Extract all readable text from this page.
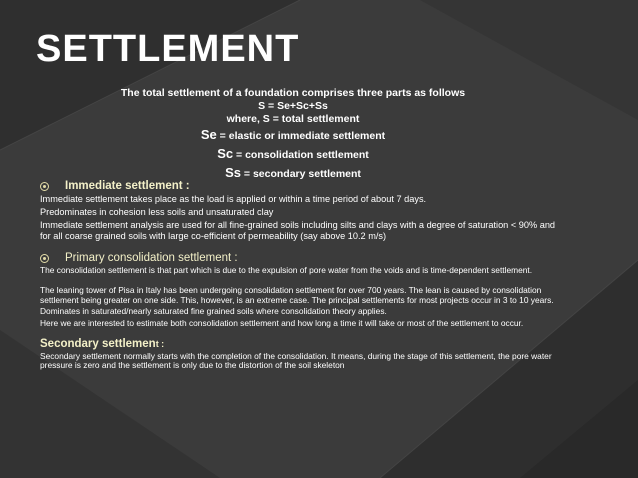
SETTLEMENT
The total settlement of a foundation comprises three parts as follows
S = Se+Sc+Ss
where, S = total settlement
Se = elastic or immediate settlement
Sc = consolidation settlement
Ss = secondary settlement
Immediate settlement :
Immediate settlement takes place as the load is applied or within a time period of about 7 days.
Predominates in cohesion less soils and unsaturated clay
Immediate settlement analysis are used for all fine-grained soils including silts and clays with a degree of saturation < 90% and for all coarse grained soils with large co-efficient of permeability (say above 10.2 m/s)
Primary consolidation settlement :
The consolidation settlement is that part which is due to the expulsion of pore water from the voids and is time-dependent settlement.
The leaning tower of Pisa in Italy has been undergoing consolidation settlement for over 700 years. The lean is caused by consolidation settlement being greater on one side. This, however, is an extreme case. The principal settlements for most projects occur in 3 to 10 years.
Dominates in saturated/nearly saturated fine grained soils where consolidation theory applies.
Here we are interested to estimate both consolidation settlement and how long a time it will take or most of the settlement to occur.
Secondary settlement :
Secondary settlement normally starts with the completion of the consolidation. It means, during the stage of this settlement, the pore water pressure is zero and the settlement is only due to the distortion of the soil skeleton
